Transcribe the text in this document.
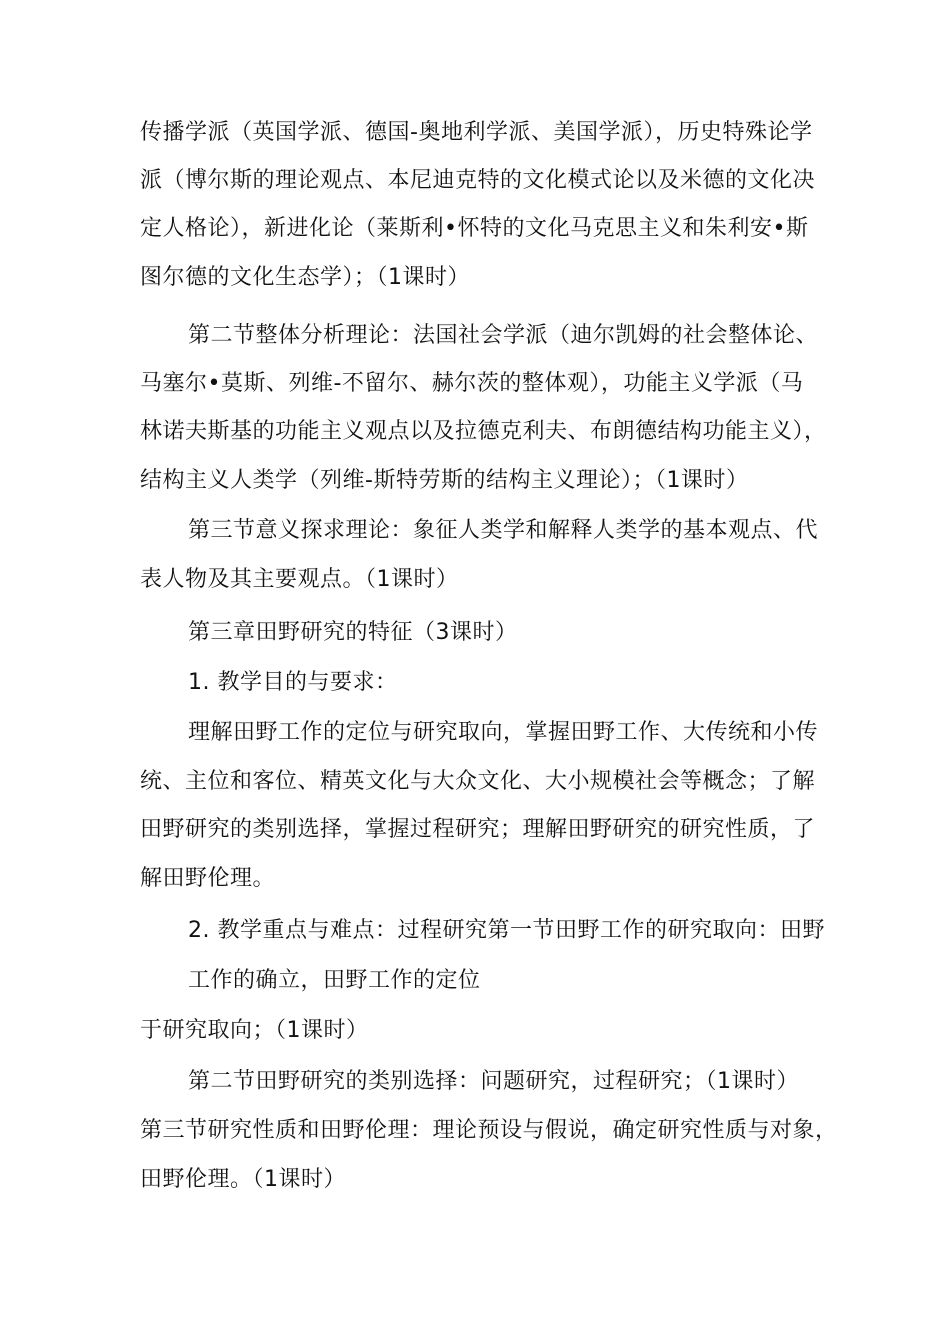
传播学派（英国学派、德国-奥地利学派、美国学派），历史特殊论学
派（博尔斯的理论观点、本尼迪克特的文化模式论以及米德的文化决
定人格论），新进化论（莱斯利•怀特的文化马克思主义和朱利安•斯
图尔德的文化生态学）；（1课时）
第二节整体分析理论：法国社会学派（迪尔凯姆的社会整体论、
马塞尔•莫斯、列维-不留尔、赫尔茨的整体观），功能主义学派（马
林诺夫斯基的功能主义观点以及拉德克利夫、布朗德结构功能主义），
结构主义人类学（列维-斯特劳斯的结构主义理论）；（1课时）
第三节意义探求理论：象征人类学和解释人类学的基本观点、代
表人物及其主要观点。（1课时）
第三章田野研究的特征（3课时）
1. 教学目的与要求：
理解田野工作的定位与研究取向，掌握田野工作、大传统和小传
统、主位和客位、精英文化与大众文化、大小规模社会等概念；了解
田野研究的类别选择，掌握过程研究；理解田野研究的研究性质，了
解田野伦理。
2. 教学重点与难点：过程研究第一节田野工作的研究取向：田野
工作的确立，田野工作的定位
于研究取向；（1课时）
第二节田野研究的类别选择：问题研究，过程研究；（1课时）
第三节研究性质和田野伦理：理论预设与假说，确定研究性质与对象，
田野伦理。（1课时）
